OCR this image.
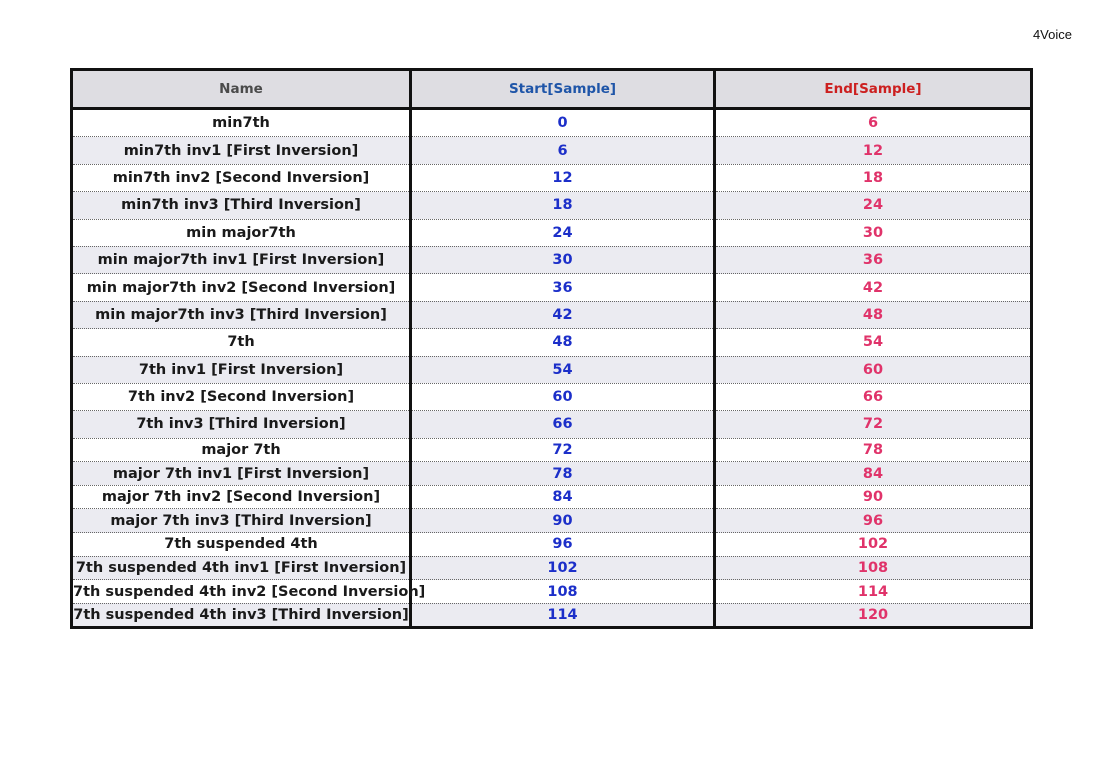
4Voice
Name	Start[Sample]	End[Sample]
min7th	0	6
min7th inv1 [First Inversion]	6	12
min7th inv2 [Second Inversion]	12	18
min7th inv3 [Third Inversion]	18	24
min major7th	24	30
min major7th inv1 [First Inversion]	30	36
min major7th inv2 [Second Inversion]	36	42
min major7th inv3 [Third Inversion]	42	48
7th	48	54
7th inv1 [First Inversion]	54	60
7th inv2 [Second Inversion]	60	66
7th inv3 [Third Inversion]	66	72
major 7th	72	78
major 7th inv1 [First Inversion]	78	84
major 7th inv2 [Second Inversion]	84	90
major 7th inv3 [Third Inversion]	90	96
7th suspended 4th	96	102
7th suspended 4th inv1 [First Inversion]	102	108
7th suspended 4th inv2 [Second Inversion]	108	114
7th suspended 4th inv3 [Third Inversion]	114	120
